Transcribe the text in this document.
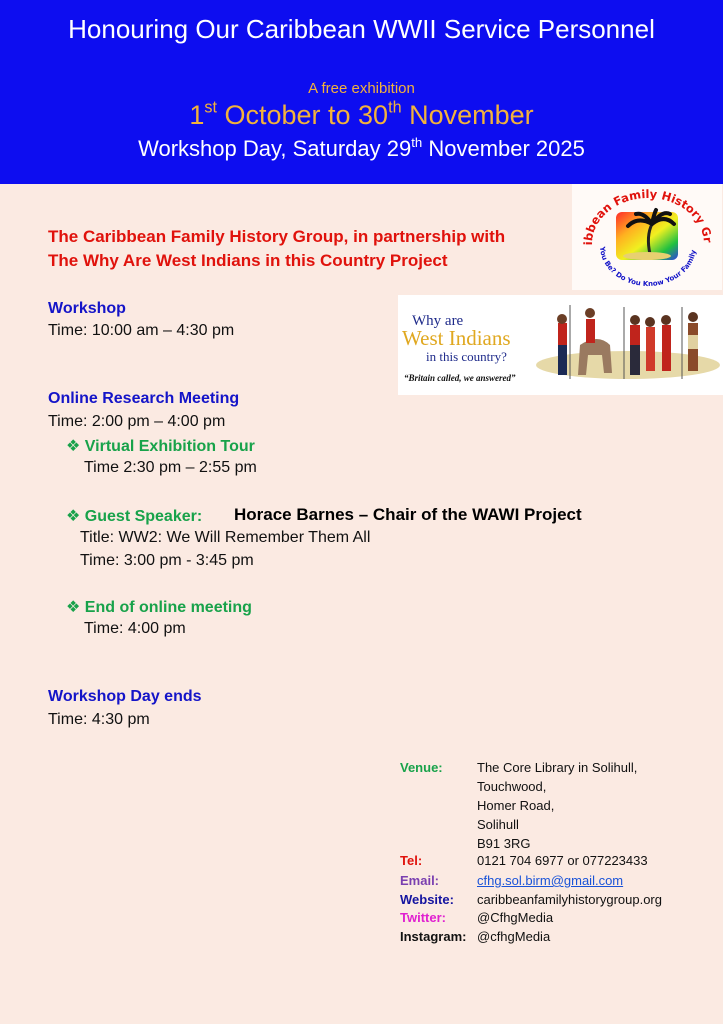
Honouring Our Caribbean WWII Service Personnel
A free exhibition
1st October to 30th November
Workshop Day, Saturday 29th November 2025
ibbean Family History Gr
You Be? Do You Know Your Family
Why are
West Indians
in this country?
“Britain called, we answered”
The Caribbean Family History Group, in partnership with
The Why Are West Indians in this Country Project
Workshop
Time: 10:00 am – 4:30 pm
Online Research Meeting
Time: 2:00 pm – 4:00 pm
❖ Virtual Exhibition Tour
Time 2:30 pm – 2:55 pm
❖ Guest Speaker: Horace Barnes – Chair of the WAWI Project
Title: WW2: We Will Remember Them All
Time: 3:00 pm - 3:45 pm
❖ End of online meeting
Time: 4:00 pm
Workshop Day ends
Time: 4:30 pm
Venue:	The Core Library in Solihull,
Touchwood,
Homer Road,
Solihull
B91 3RG
Tel:	0121 704 6977 or 077223433
Email:	cfhg.sol.birm@gmail.com
Website: caribbeanfamilyhistorygroup.org
Twitter: @CfhgMedia
Instagram: @cfhgMedia
